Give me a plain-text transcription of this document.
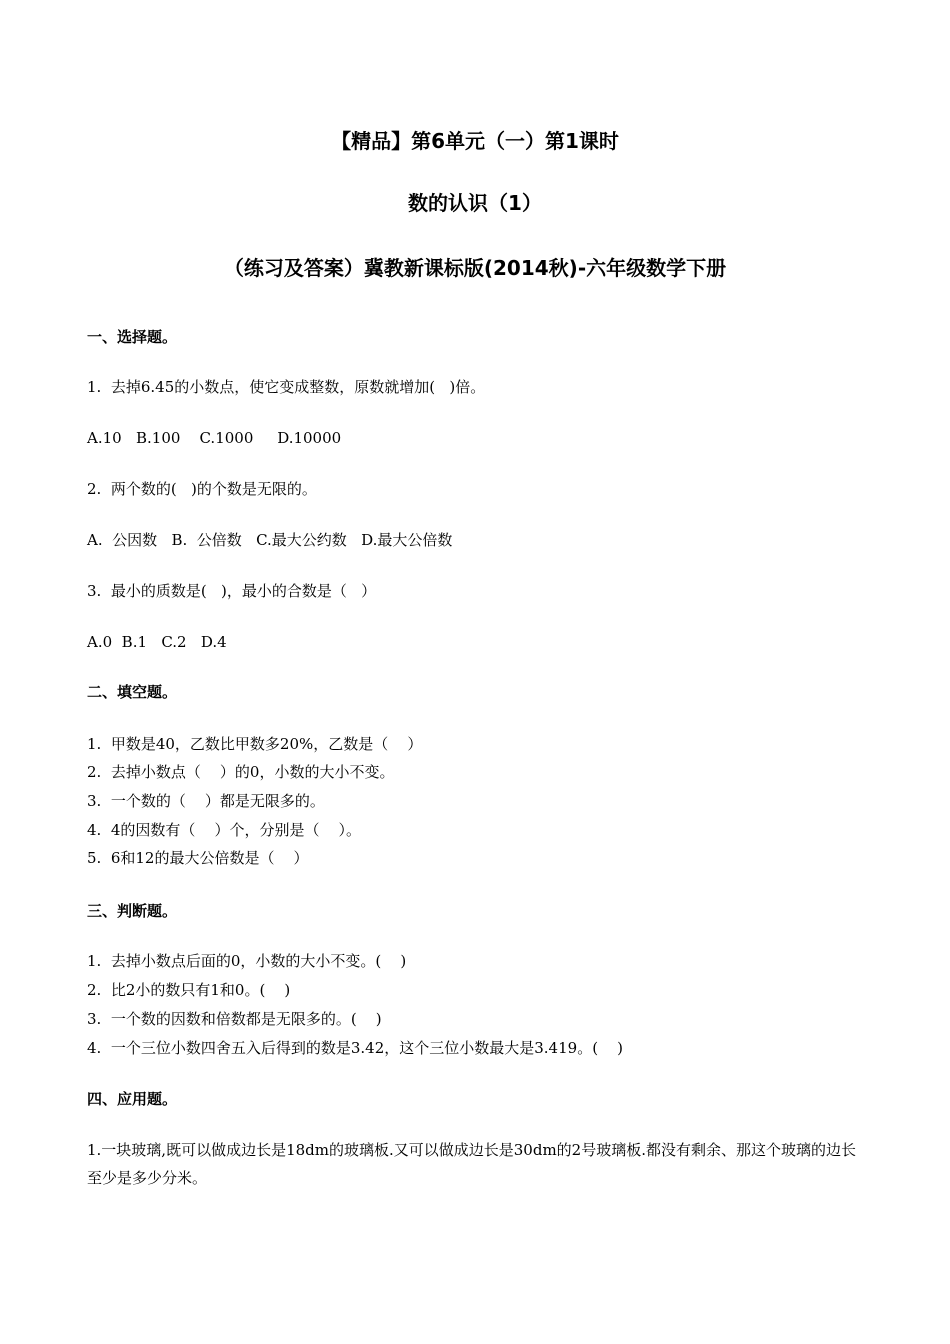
【精品】第6单元（一）第1课时
数的认识（1）
（练习及答案）冀教新课标版(2014秋)-六年级数学下册
一、选择题。
1.  去掉6.45的小数点，使它变成整数，原数就增加(   )倍。
A.10   B.100    C.1000     D.10000
2.  两个数的(   )的个数是无限的。
A.  公因数   B.  公倍数   C.最大公约数   D.最大公倍数
3.  最小的质数是(   )，最小的合数是（   ）
A.0  B.1   C.2   D.4
二、填空题。
1.  甲数是40，乙数比甲数多20%，乙数是（    ）
2.  去掉小数点（    ）的0，小数的大小不变。
3.  一个数的（    ）都是无限多的。
4.  4的因数有（    ）个，分别是（    ）。
5.  6和12的最大公倍数是（    ）
三、判断题。
1.  去掉小数点后面的0，小数的大小不变。(    )
2.  比2小的数只有1和0。(    )
3.  一个数的因数和倍数都是无限多的。(    )
4.  一个三位小数四舍五入后得到的数是3.42，这个三位小数最大是3.419。(    )
四、应用题。
1.一块玻璃,既可以做成边长是18dm的玻璃板.又可以做成边长是30dm的2号玻璃板.都没有剩余、那这个玻璃的边长至少是多少分米。
